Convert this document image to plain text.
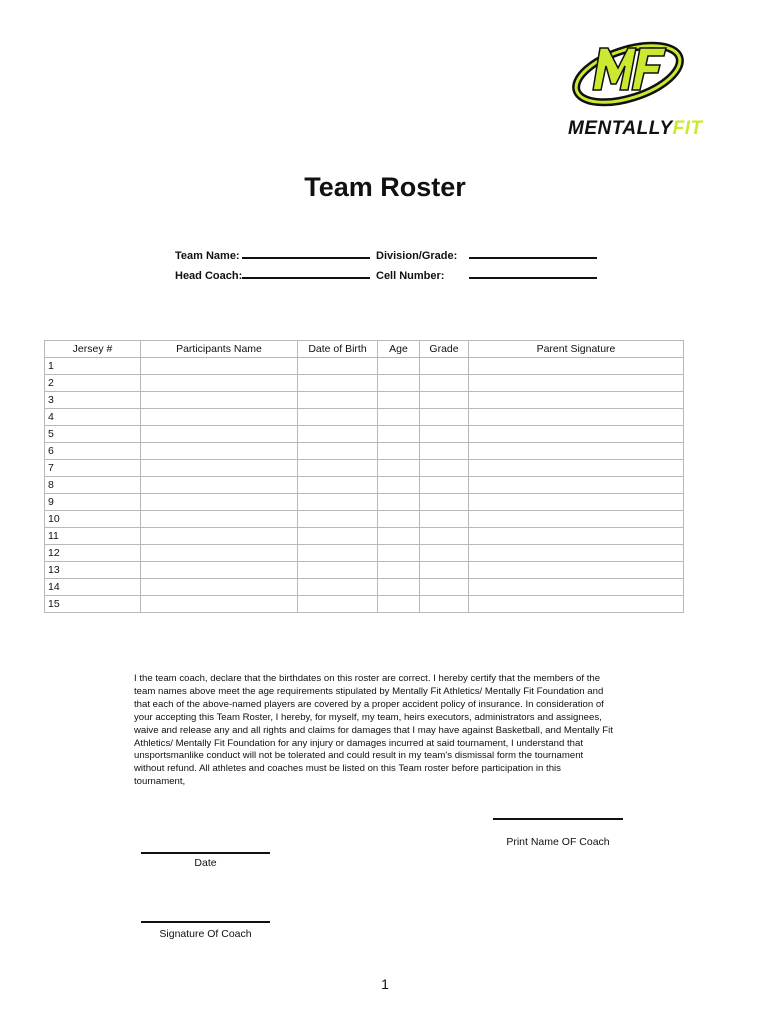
MENTALLYFIT
Team Roster
Team Name:	Division/Grade:
Head Coach:	Cell Number:
Jersey #	Participants Name	Date of Birth	Age	Grade	Parent Signature
1					
2					
3					
4					
5					
6					
7					
8					
9					
10					
11					
12					
13					
14					
15					
I the team coach, declare that the birthdates on this roster are correct. I hereby certify that the members of the team names above meet the age requirements stipulated by Mentally Fit Athletics/ Mentally Fit Foundation and that each of the above-named players are covered by a proper accident policy of insurance. In consideration of your accepting this Team Roster, I hereby, for myself, my team, heirs executors, administrators and assignees, waive and release any and all rights and claims for damages that I may have against Basketball, and Mentally Fit Athletics/ Mentally Fit Foundation for any injury or damages incurred at said tournament, I understand that unsportsmanlike conduct will not be tolerated and could result in my team's dismissal form the tournament without refund. All athletes and coaches must be listed on this Team roster before participation in this tournament,
Print Name OF Coach
Date
Signature Of Coach
1
